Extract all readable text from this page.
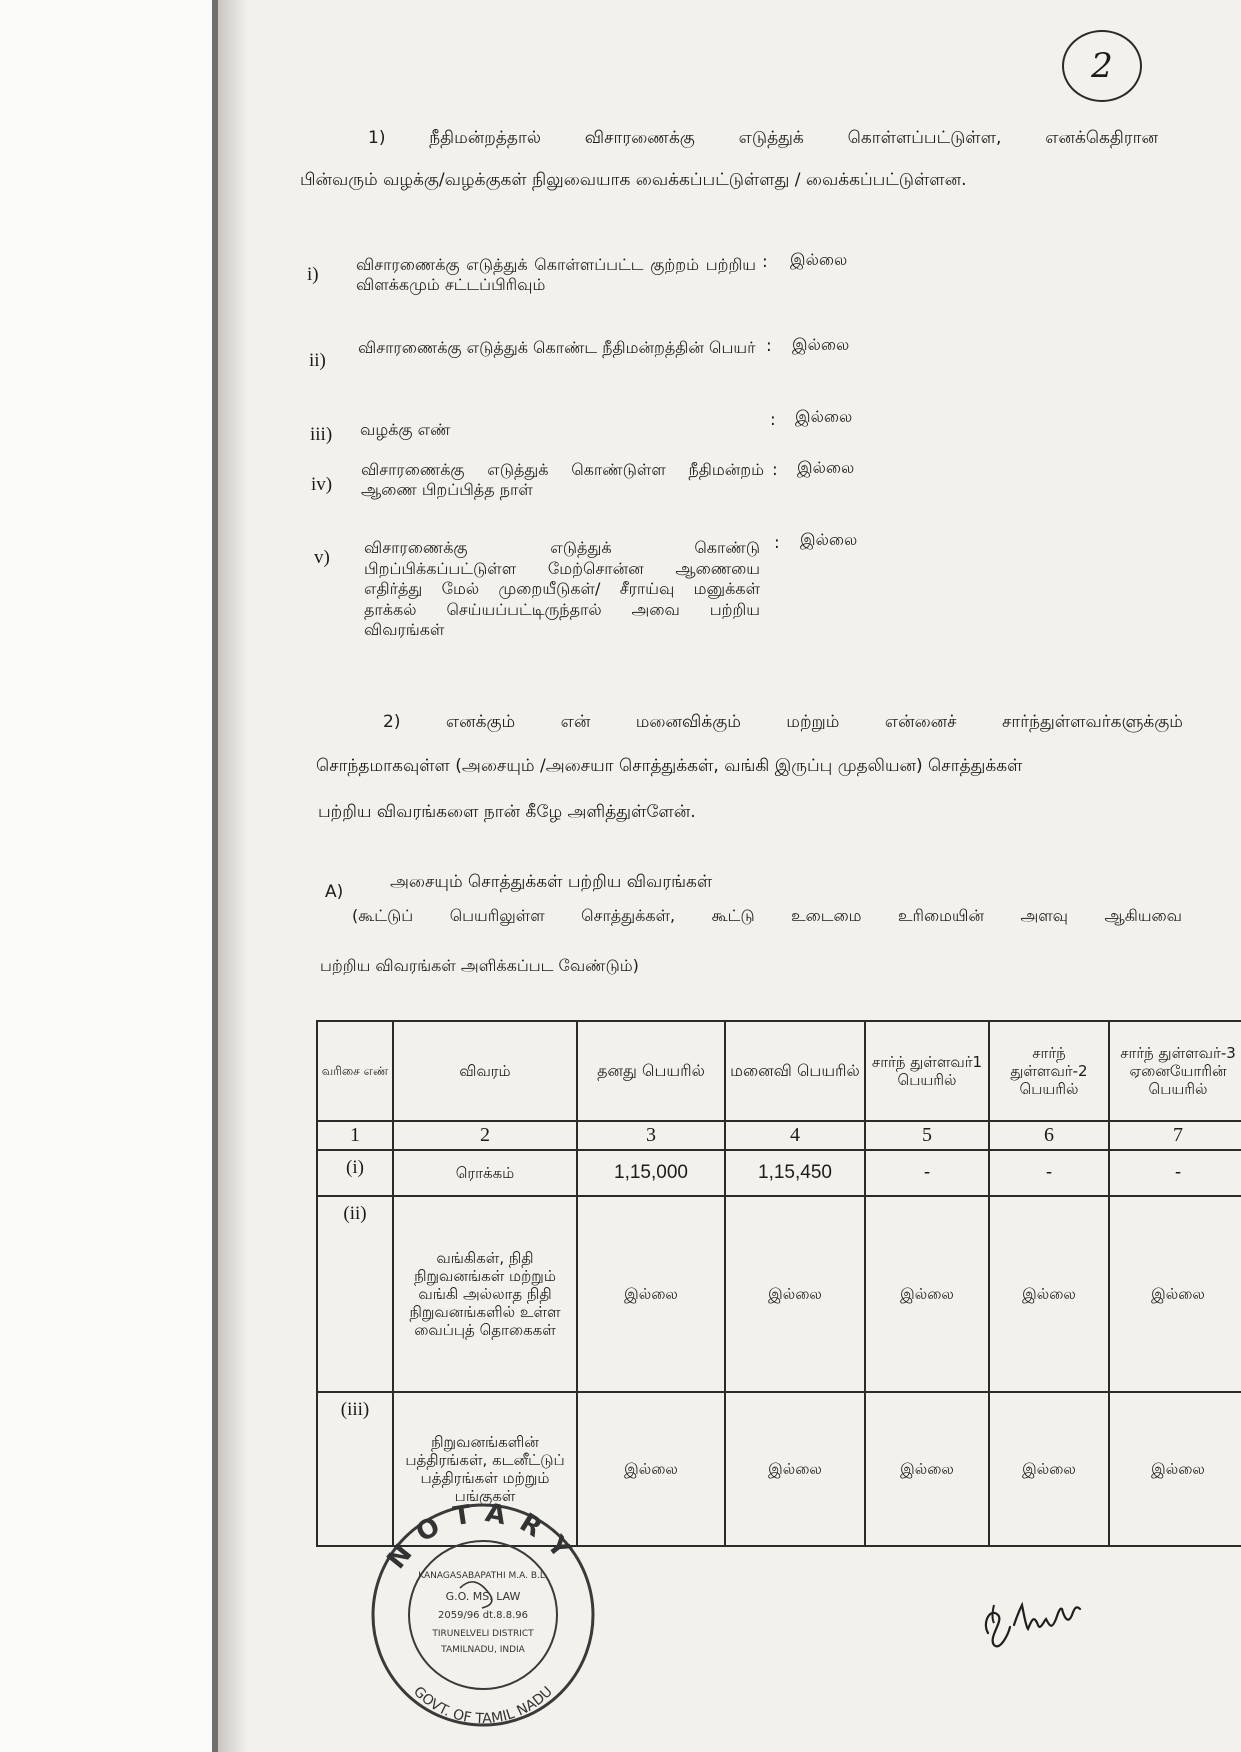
2
1) நீதிமன்றத்தால் விசாரணைக்கு எடுத்துக் கொள்ளப்பட்டுள்ள, எனக்கெதிரான
பின்வரும் வழக்கு/வழக்குகள் நிலுவையாக வைக்கப்பட்டுள்ளது / வைக்கப்பட்டுள்ளன.
i) விசாரணைக்கு எடுத்துக் கொள்ளப்பட்ட குற்றம் பற்றிய விளக்கமும் சட்டப்பிரிவும்
: இல்லை
ii)
விசாரணைக்கு எடுத்துக் கொண்ட நீதிமன்றத்தின் பெயர் : இல்லை
iii) வழக்கு எண்	: இல்லை
iv)
விசாரணைக்கு எடுத்துக் கொண்டுள்ள நீதிமன்றம் ஆணை பிறப்பித்த நாள்
: இல்லை
v) விசாரணைக்கு எடுத்துக் கொண்டு பிறப்பிக்கப்பட்டுள்ள மேற்சொன்ன ஆணையை எதிர்த்து மேல் முறையீடுகள்/ சீராய்வு மனுக்கள் தாக்கல் செய்யப்பட்டிருந்தால் அவை பற்றிய விவரங்கள்
: இல்லை
2) எனக்கும் என் மனைவிக்கும் மற்றும் என்னைச் சார்ந்துள்ளவர்களுக்கும்
சொந்தமாகவுள்ள (அசையும் /அசையா சொத்துக்கள், வங்கி இருப்பு முதலியன) சொத்துக்கள்
பற்றிய விவரங்களை நான் கீழே அளித்துள்ளேன்.
A)	அசையும் சொத்துக்கள் பற்றிய விவரங்கள்
(கூட்டுப் பெயரிலுள்ள சொத்துக்கள், கூட்டு உடைமை உரிமையின் அளவு ஆகியவை
பற்றிய விவரங்கள் அளிக்கப்பட வேண்டும்)
வரிசை எண்	விவரம்	தனது பெயரில்	மனைவி பெயரில்	சார்ந் துள்ளவர்1 பெயரில்	சார்ந் துள்ளவர்-2 பெயரில்	சார்ந் துள்ளவர்-3 ஏனையோரின் பெயரில்
1	2	3	4	5	6	7
(i)	ரொக்கம்	1,15,000	1,15,450	-	-	-
(ii)	வங்கிகள், நிதி நிறுவனங்கள் மற்றும் வங்கி அல்லாத நிதி நிறுவனங்களில் உள்ள வைப்புத் தொகைகள்	இல்லை	இல்லை	இல்லை	இல்லை	இல்லை
(iii)	நிறுவனங்களின் பத்திரங்கள், கடனீட்டுப் பத்திரங்கள் மற்றும் பங்குகள்	இல்லை	இல்லை	இல்லை	இல்லை	இல்லை
NOTARY
GOVT. OF TAMIL NADU
KANAGASABAPATHI M.A. B.L.
G.O. MS. LAW
2059/96 dt.8.8.96
TIRUNELVELI DISTRICT
TAMILNADU, INDIA
